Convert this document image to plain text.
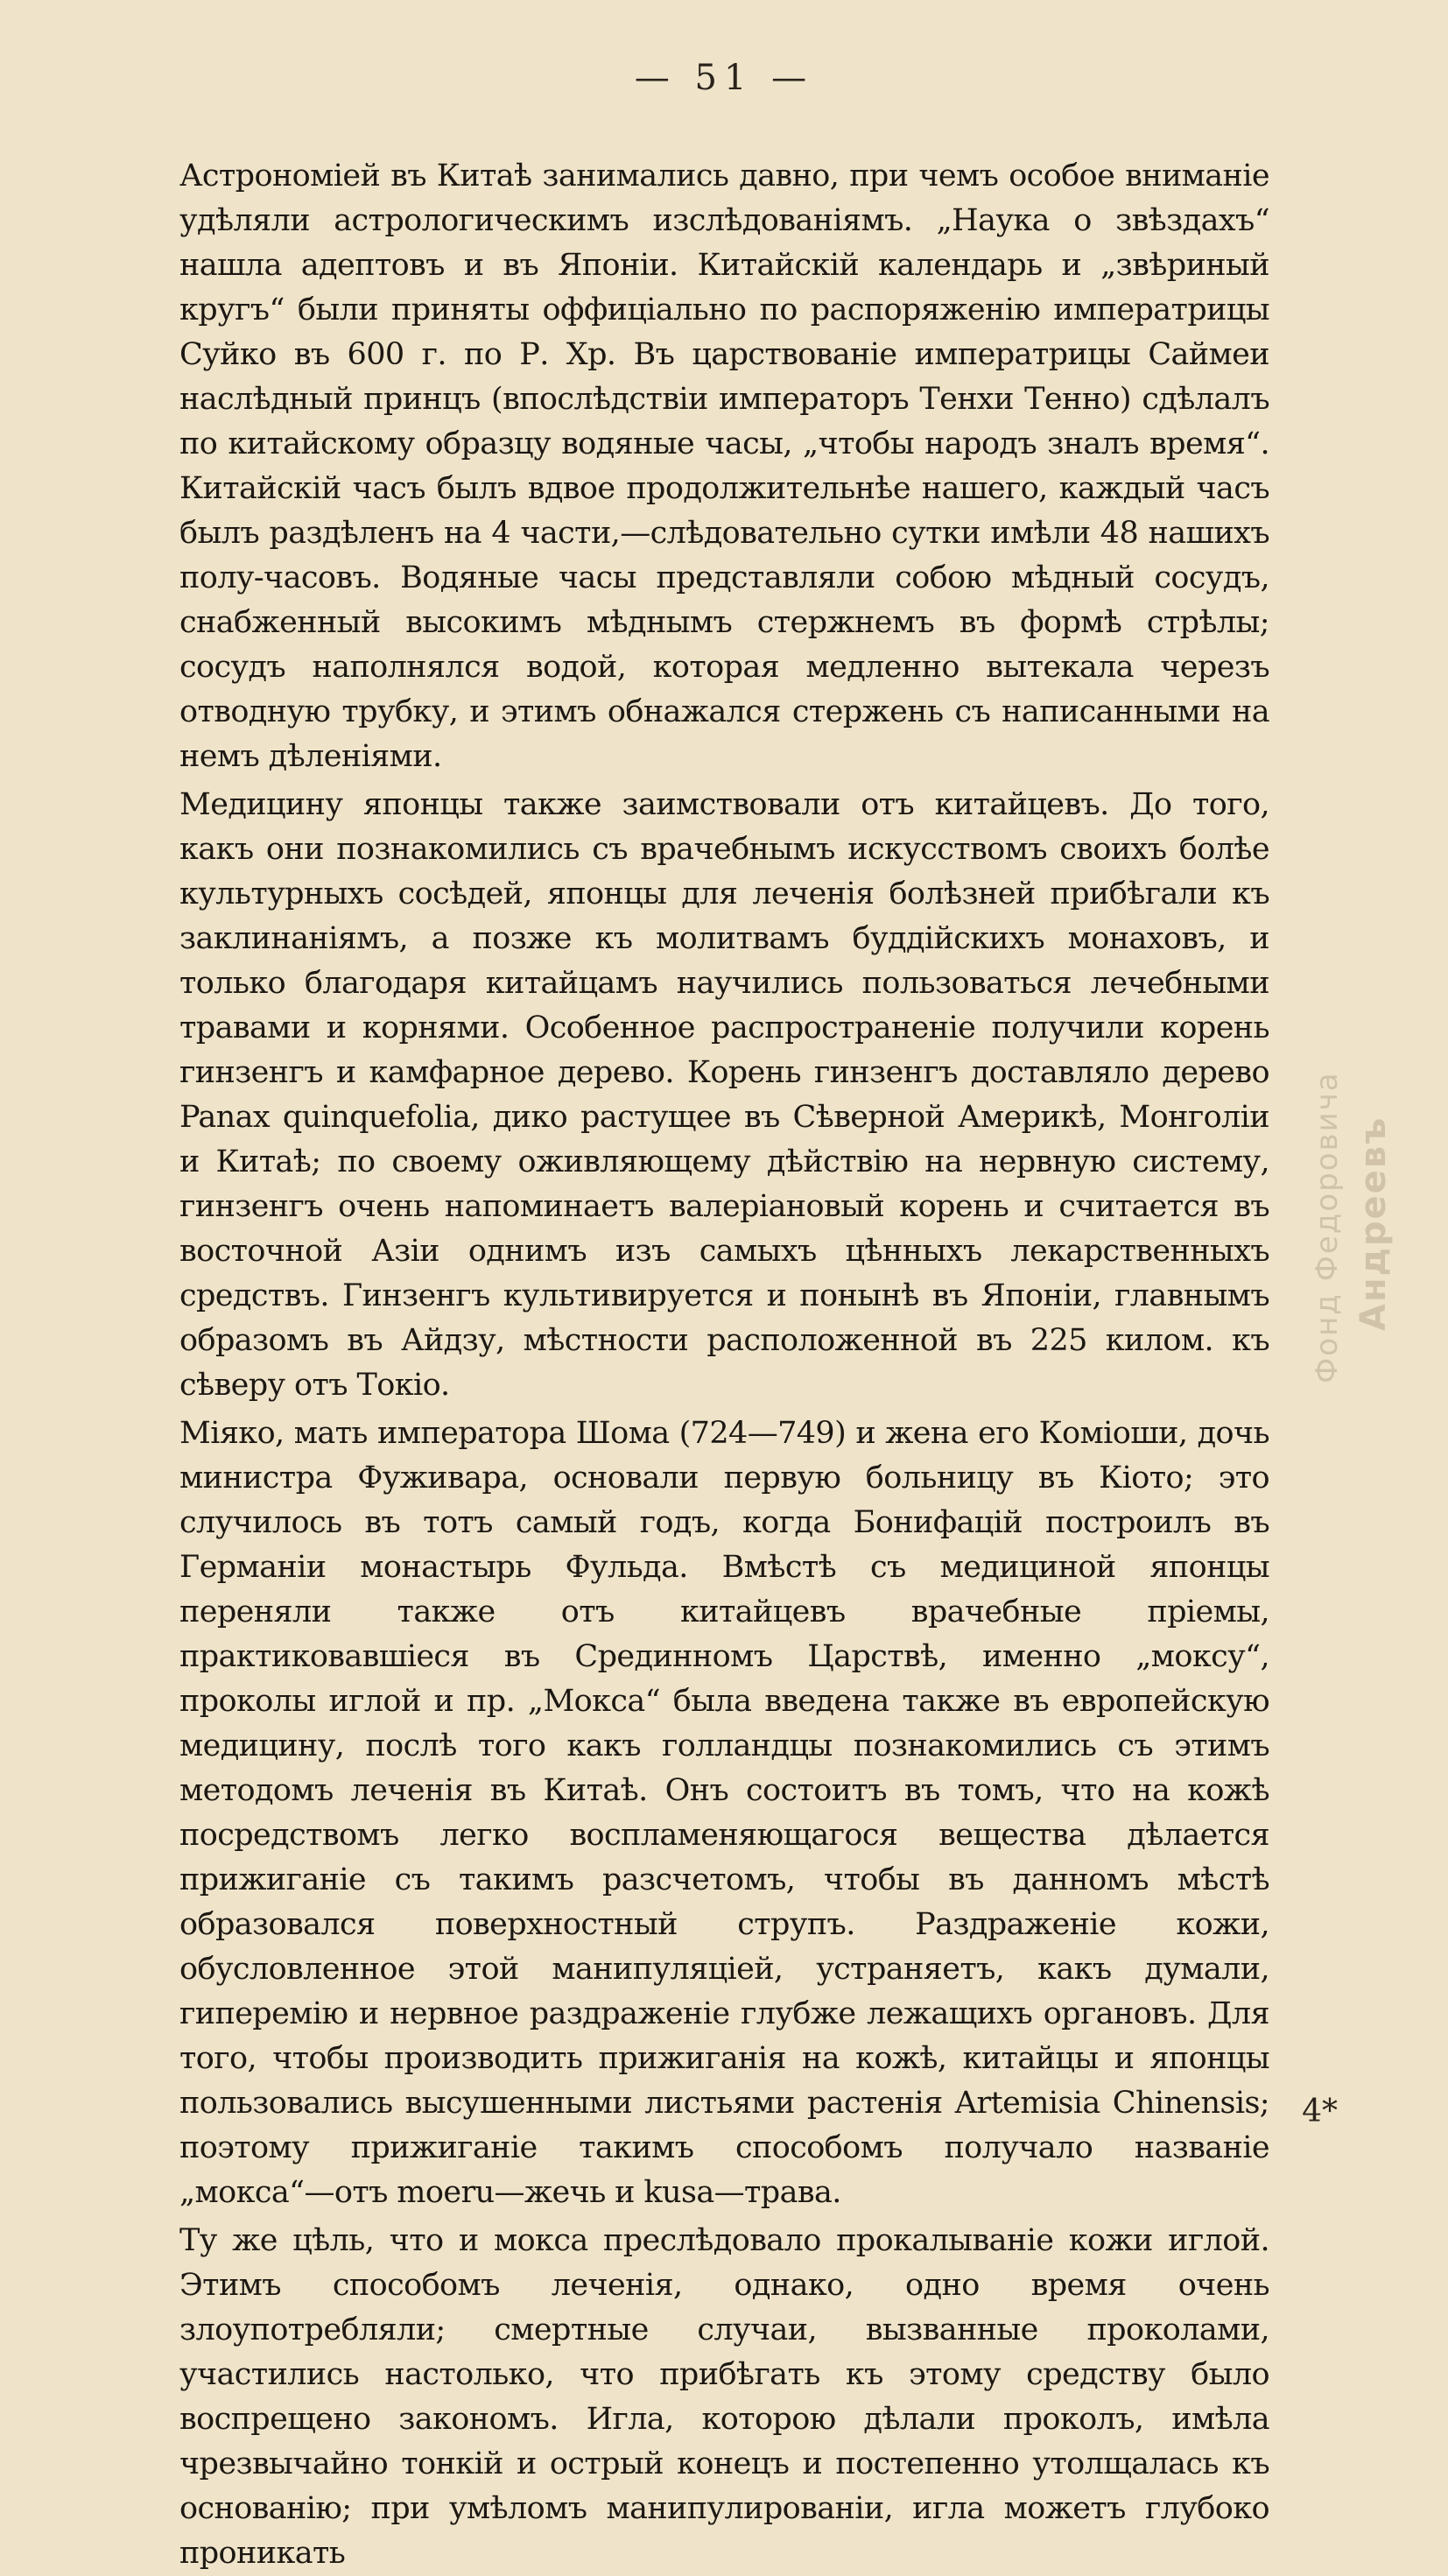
— 51 —

Астрономіей въ Китаѣ занимались давно, при чемъ особое вниманіе удѣляли астрологическимъ изслѣдованіямъ. „Наука о звѣздахъ“ нашла адептовъ и въ Японіи. Китайскій календарь и „звѣриный кругъ“ были приняты оффиціально по распоряженію императрицы Суйко въ 600 г. по Р. Хр. Въ царствованіе императрицы Саймеи наслѣдный принцъ (впослѣдствіи императоръ Тенхи Тенно) сдѣлалъ по китайскому образцу водяные часы, „чтобы народъ зналъ время“. Китайскій часъ былъ вдвое продолжительнѣе нашего, каждый часъ былъ раздѣленъ на 4 части,—слѣдовательно сутки имѣли 48 нашихъ полу-часовъ. Водяные часы представляли собою мѣдный сосудъ, снабженный высокимъ мѣднымъ стержнемъ въ формѣ стрѣлы; сосудъ наполнялся водой, которая медленно вытекала черезъ отводную трубку, и этимъ обнажался стержень съ написанными на немъ дѣленіями.

Медицину японцы также заимствовали отъ китайцевъ. До того, какъ они познакомились съ врачебнымъ искусствомъ своихъ болѣе культурныхъ сосѣдей, японцы для леченія болѣзней прибѣгали къ заклинаніямъ, а позже къ молитвамъ буддійскихъ монаховъ, и только благодаря китайцамъ научились пользоваться лечебными травами и корнями. Особенное распространеніе получили корень гинзенгъ и камфарное дерево. Корень гинзенгъ доставляло дерево Panax quinquefolia, дико растущее въ Сѣверной Америкѣ, Монголіи и Китаѣ; по своему оживляющему дѣйствію на нервную систему, гинзенгъ очень напоминаетъ валеріановый корень и считается въ восточной Азіи однимъ изъ самыхъ цѣнныхъ лекарственныхъ средствъ. Гинзенгъ культивируется и понынѣ въ Японіи, главнымъ образомъ въ Айдзу, мѣстности расположенной въ 225 килом. къ сѣверу отъ Токіо.

Міяко, мать императора Шома (724—749) и жена его Коміоши, дочь министра Фуживара, основали первую больницу въ Кіото; это случилось въ тотъ самый годъ, когда Бонифацій построилъ въ Германіи монастырь Фульда. Вмѣстѣ съ медициной японцы переняли также отъ китайцевъ врачебные пріемы, практиковавшіеся въ Срединномъ Царствѣ, именно „моксу“, проколы иглой и пр. „Мокса“ была введена также въ европейскую медицину, послѣ того какъ голландцы познакомились съ этимъ методомъ леченія въ Китаѣ. Онъ состоитъ въ томъ, что на кожѣ посредствомъ легко воспламеняющагося вещества дѣлается прижиганіе съ такимъ разсчетомъ, чтобы въ данномъ мѣстѣ образовался поверхностный струпъ. Раздраженіе кожи, обусловленное этой манипуляціей, устраняетъ, какъ думали, гиперемію и нервное раздраженіе глубже лежащихъ органовъ. Для того, чтобы производить прижиганія на кожѣ, китайцы и японцы пользовались высушенными листьями растенія Artemisia Chinensis; поэтому прижиганіе такимъ способомъ получало названіе „мокса“—отъ moeru—жечь и kusa—трава.

Ту же цѣль, что и мокса преслѣдовало прокалываніе кожи иглой. Этимъ способомъ леченія, однако, одно время очень злоупотребляли; смертные случаи, вызванные проколами, участились настолько, что прибѣгать къ этому средству было воспрещено закономъ. Игла, которою дѣлали проколъ, имѣла чрезвычайно тонкій и острый конецъ и постепенно утолщалась къ основанію; при умѣломъ манипулированіи, игла можетъ глубоко проникать

Фонд Федоровича Андреевъ
4*
